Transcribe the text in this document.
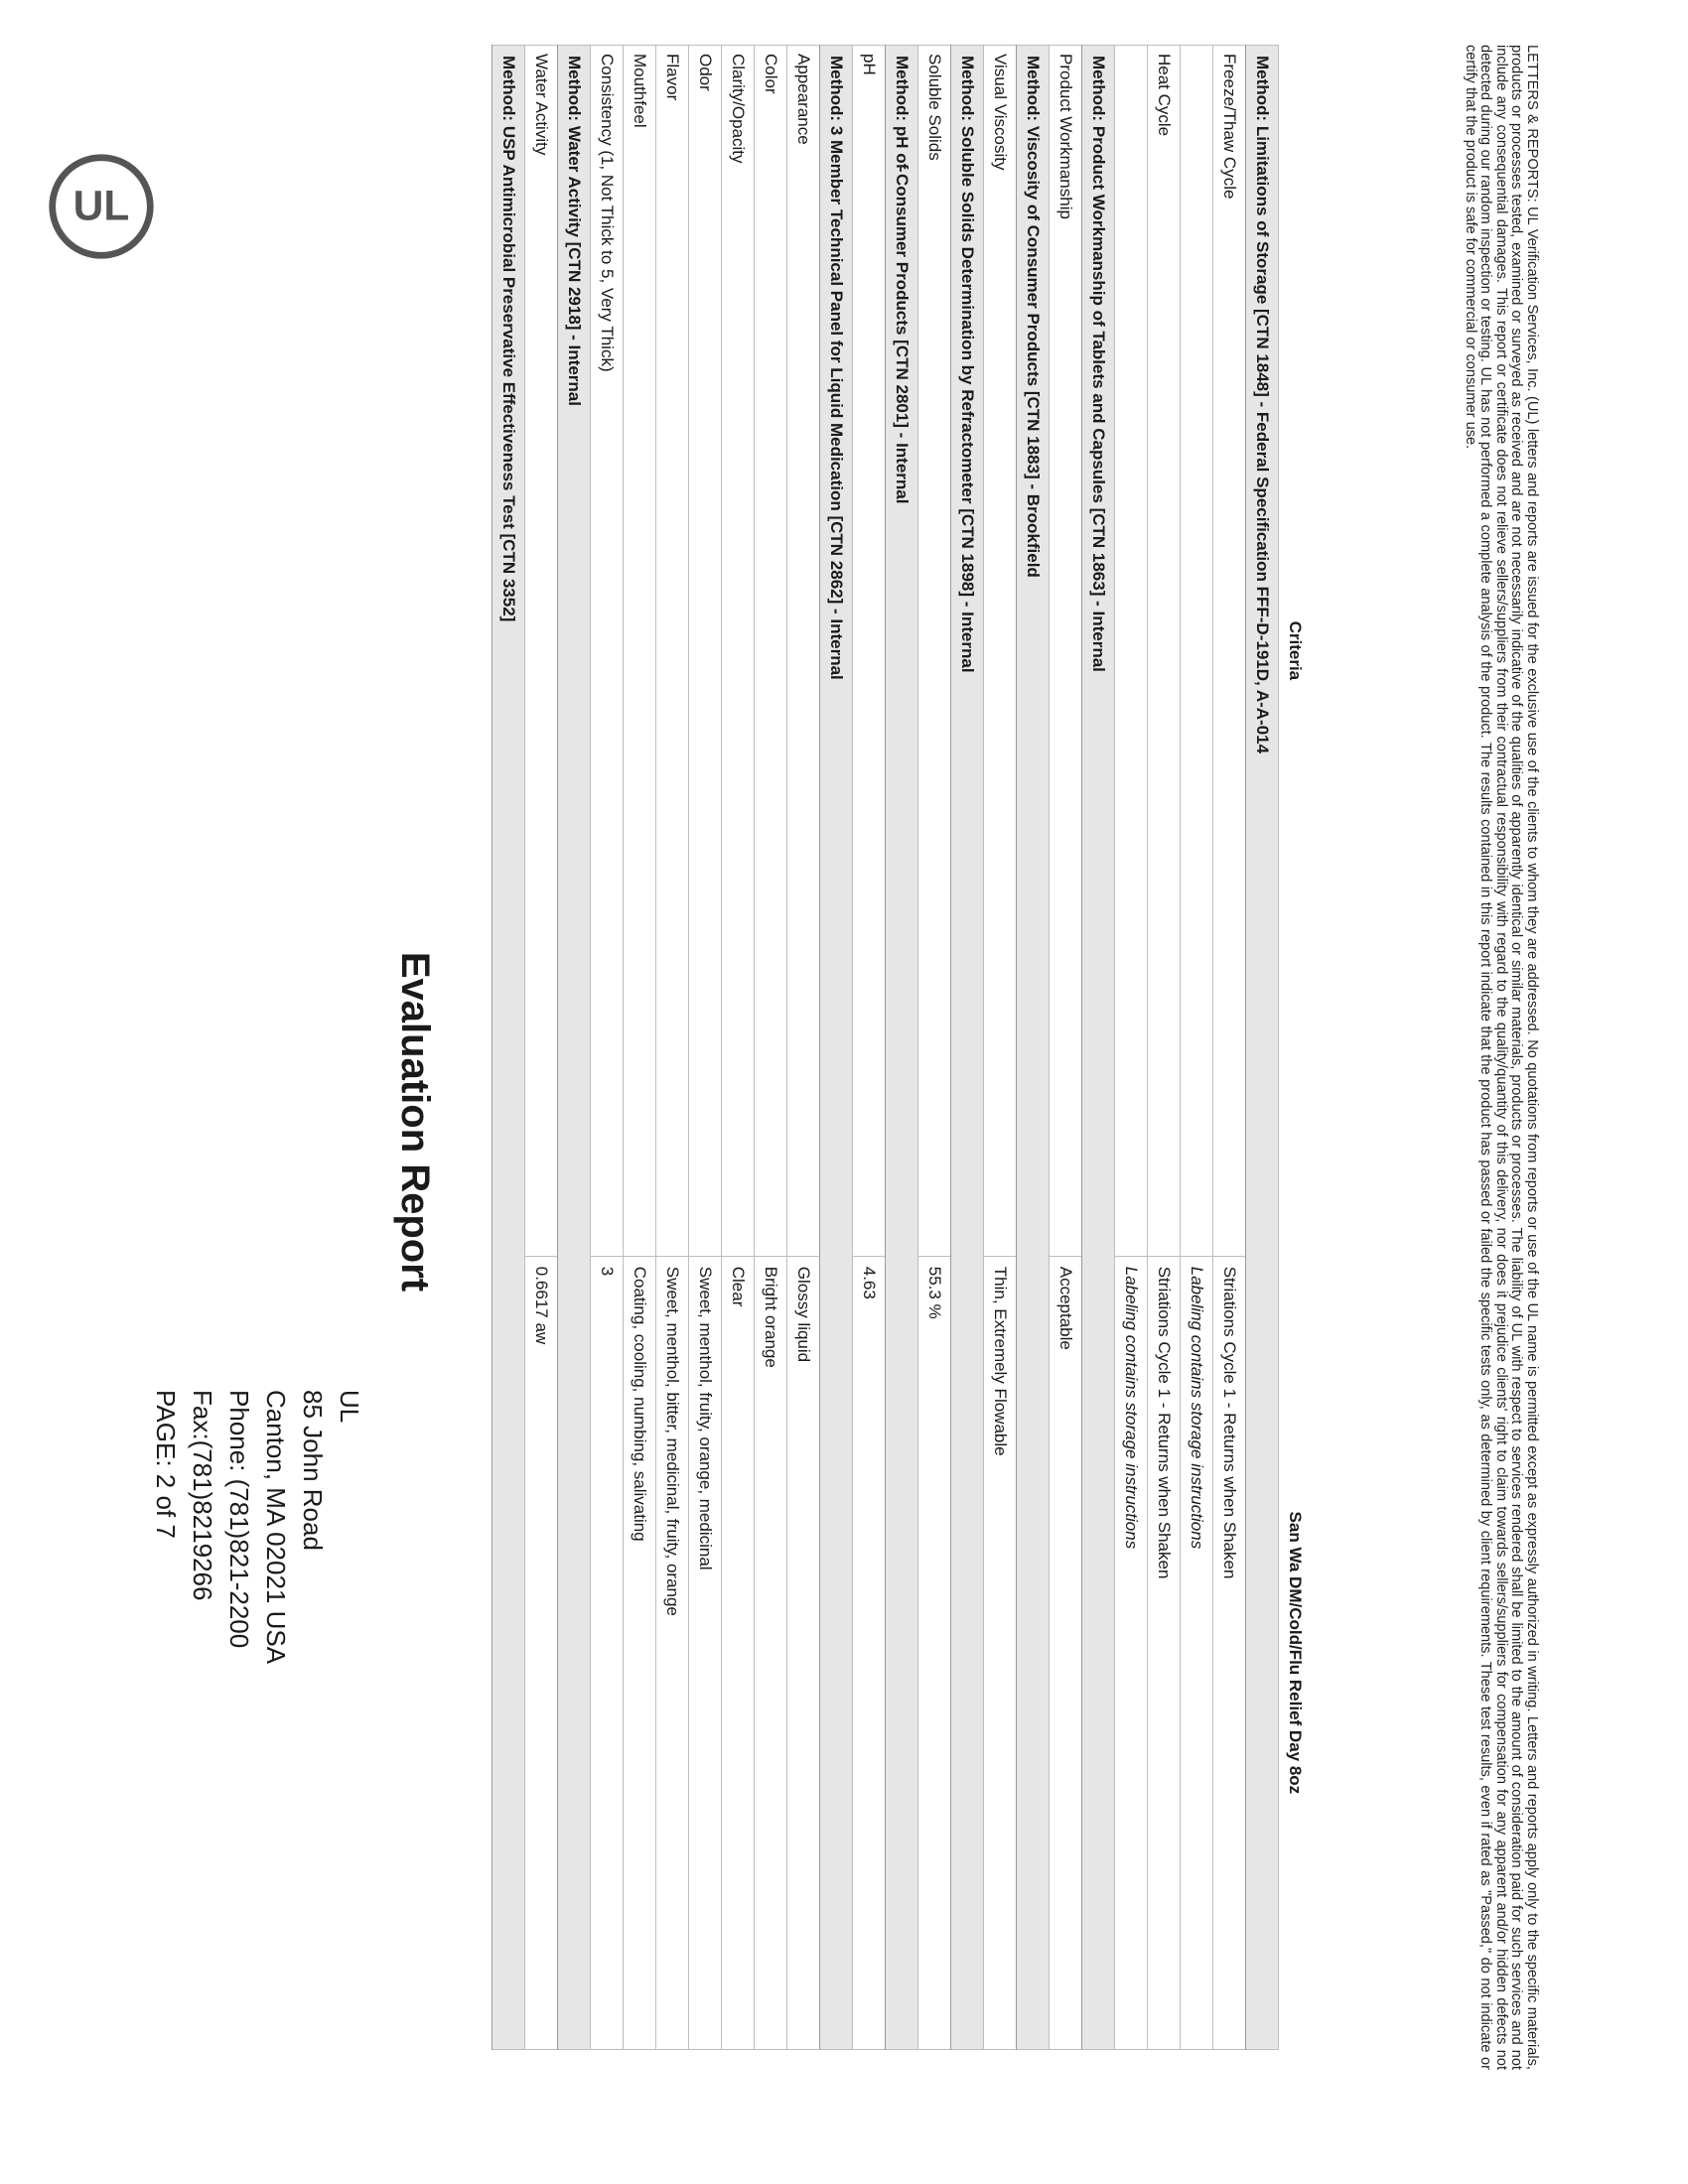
UL
Evaluation Report
UL
85 John Road
Canton, MA 02021 USA
Phone: (781)821-2200
Fax:(781)8219266
PAGE: 2 of 7
Criteria	San Wa DM/Cold/Flu Relief Day 8oz
Method: Limitations of Storage [CTN 1848] - Federal Specification FFF-D-191D, A-A-014	
Freeze/Thaw Cycle	Striations Cycle 1 - Returns when Shaken

	Labeling contains storage instructions
Heat Cycle	Striations Cycle 1 - Returns when Shaken

	Labeling contains storage instructions
Method: Product Workmanship of Tablets and Capsules [CTN 1863] - Internal	
Product Workmanship	Acceptable
Method: Viscosity of Consumer Products [CTN 1883] - Brookfield	
Visual Viscosity	Thin, Extremely Flowable
Method: Soluble Solids Determination by Refractometer [CTN 1898] - Internal	
Soluble Solids	55.3 %
Method: pH of Consumer Products [CTN 2801] - Internal	
pH	4.63
Method: 3 Member Technical Panel for Liquid Medication [CTN 2862] - Internal	
Appearance	Glossy liquid
Color	Bright orange
Clarity/Opacity	Clear
Odor	Sweet, menthol, fruity, orange, medicinal
Flavor	Sweet, menthol, bitter, medicinal, fruity, orange
Mouthfeel	Coating, cooling, numbing, salivating
Consistency (1, Not Thick to 5, Very Thick)	3
Method: Water Activity [CTN 2918] - Internal	
Water Activity	0.6617 aw
Method: USP Antimicrobial Preservative Effectiveness Test [CTN 3352]		LETTERS & REPORTS: UL Verification Services, Inc. (UL) letters and reports are issued for the exclusive use of the clients to whom they are addressed. No quotations from reports or use of the UL name is permitted except as expressly authorized in writing. Letters and reports apply only to the specific materials, products or processes tested, examined or surveyed as received and are not necessarily indicative of the qualities of apparently identical or similar materials, products or processes. The liability of UL with respect to services rendered shall be limited to the amount of consideration paid for such services and not include any consequential damages. This report or certificate does not relieve sellers/suppliers from their contractual responsibility with regard to the quality/quantity of this delivery, nor does it prejudice clients' right to claim towards sellers/suppliers for compensation for any apparent and/or hidden defects not detected during our random inspection or testing. UL has not performed a complete analysis of the product. The results contained in this report indicate that the product has passed or failed the specific tests only, as determined by client requirements. These test results, even if rated as "Passed," do not indicate or certify that the product is safe for commercial or consumer use.
